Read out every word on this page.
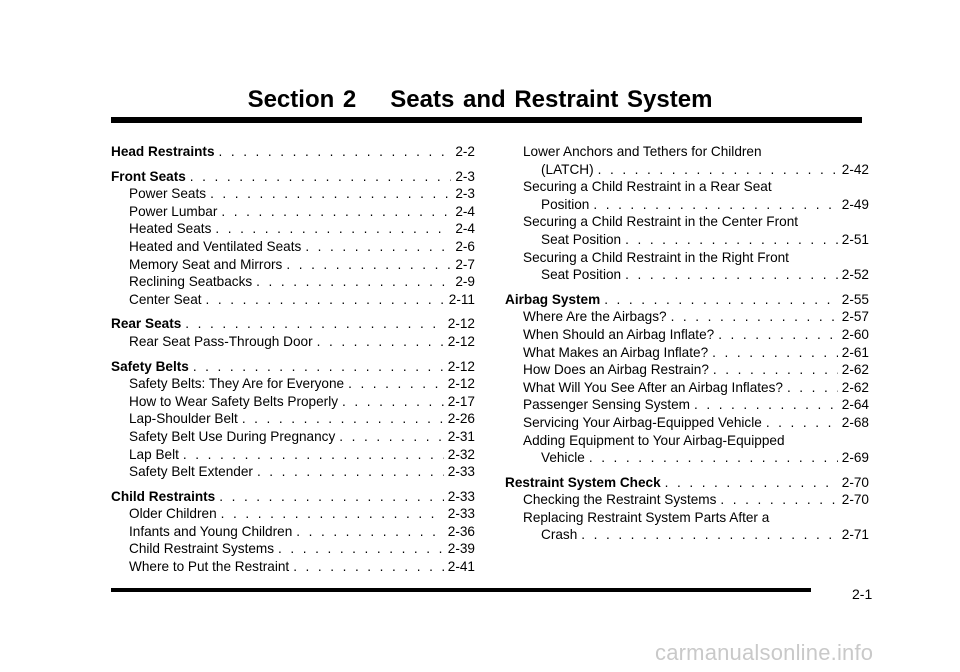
Section 2 Seats and Restraint System
Head Restraints . . .	2-2
Front Seats . . .	2-3
Power Seats . . .	2-3
Power Lumbar . . .	2-4
Heated Seats . . .	2-4
Heated and Ventilated Seats . . .	2-6
Memory Seat and Mirrors . . .	2-7
Reclining Seatbacks . . .	2-9
Center Seat . . .	2-11
Rear Seats . . .	2-12
Rear Seat Pass-Through Door . . .	2-12
Safety Belts . . .	2-12
Safety Belts: They Are for Everyone . . .	2-12
How to Wear Safety Belts Properly . . .	2-17
Lap-Shoulder Belt . . .	2-26
Safety Belt Use During Pregnancy . . .	2-31
Lap Belt . . .	2-32
Safety Belt Extender . . .	2-33
Child Restraints . . .	2-33
Older Children . . .	2-33
Infants and Young Children . . .	2-36
Child Restraint Systems . . .	2-39
Where to Put the Restraint . . .	2-41
Lower Anchors and Tethers for Children
(LATCH) . . .	2-42
Securing a Child Restraint in a Rear Seat
Position . . .	2-49
Securing a Child Restraint in the Center Front
Seat Position . . .	2-51
Securing a Child Restraint in the Right Front
Seat Position . . .	2-52
Airbag System . . .	2-55
Where Are the Airbags? . . .	2-57
When Should an Airbag Inflate? . . .	2-60
What Makes an Airbag Inflate? . . .	2-61
How Does an Airbag Restrain? . . .	2-62
What Will You See After an Airbag Inflates? . . .	2-62
Passenger Sensing System . . .	2-64
Servicing Your Airbag-Equipped Vehicle . . .	2-68
Adding Equipment to Your Airbag-Equipped
Vehicle . . .	2-69
Restraint System Check . . .	2-70
Checking the Restraint Systems . . .	2-70
Replacing Restraint System Parts After a
Crash . . .	2-71
2-1
carmanualsonline.info
